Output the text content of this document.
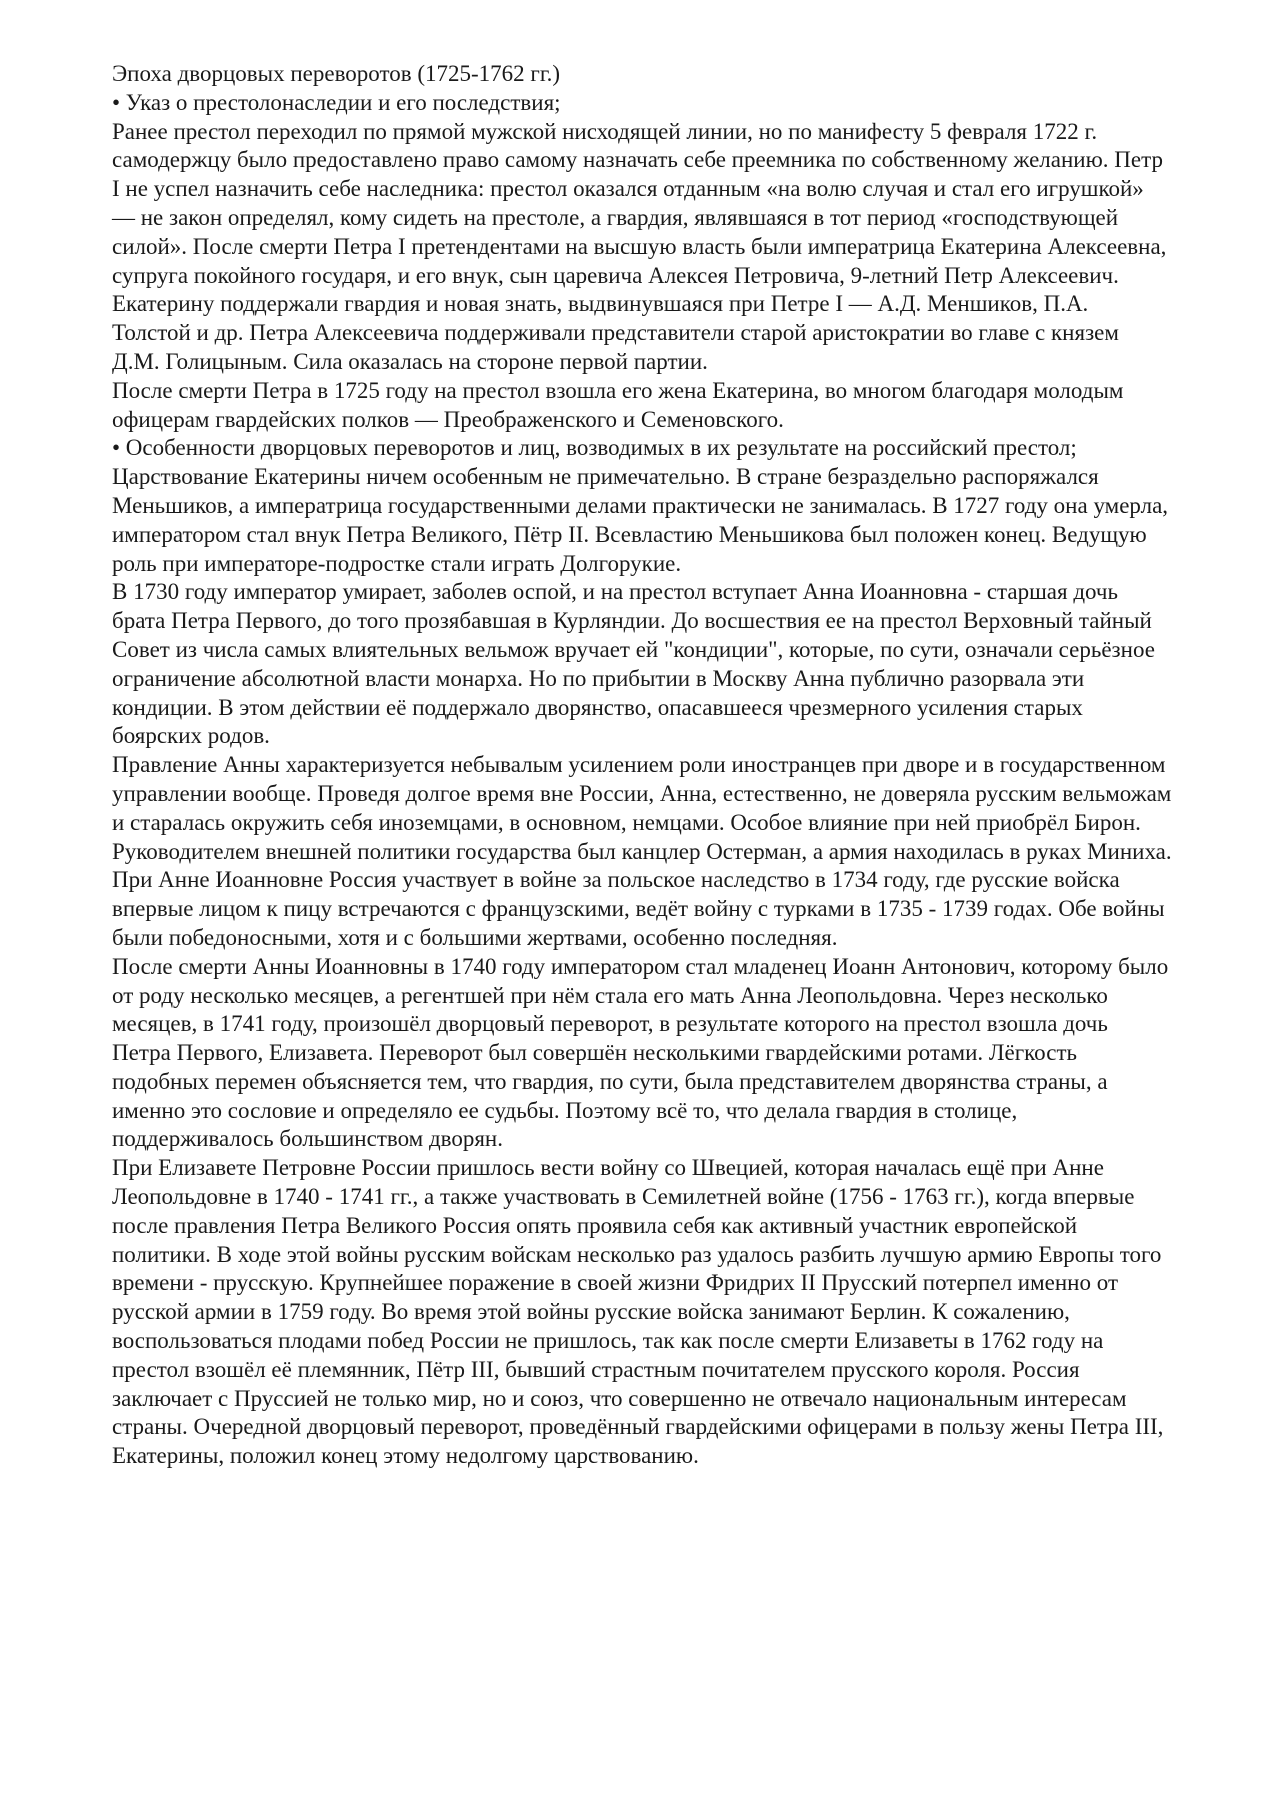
Эпоха дворцовых переворотов (1725-1762 гг.)

• Указ о престолонаследии и его последствия;

Ранее престол переходил по прямой мужской нисходящей линии, но по манифесту 5 февраля 1722 г. самодержцу было предоставлено право самому назначать себе преемника по собственному желанию. Петр I не успел назначить себе наследника: престол оказался отданным «на волю случая и стал его игрушкой» — не закон определял, кому сидеть на престоле, а гвардия, являвшаяся в тот период «господствующей силой». После смерти Петра I претендентами на высшую власть были императрица Екатерина Алексеевна, супруга покойного государя, и его внук, сын царевича Алексея Петровича, 9-летний Петр Алексеевич. Екатерину поддержали гвардия и новая знать, выдвинувшаяся при Петре I — А.Д. Меншиков, П.А. Толстой и др. Петра Алексеевича поддерживали представители старой аристократии во главе с князем Д.М. Голицыным. Сила оказалась на стороне первой партии.

После смерти Петра в 1725 году на престол взошла его жена Екатерина, во многом благодаря молодым офицерам гвардейских полков — Преображенского и Семеновского.

• Особенности дворцовых переворотов и лиц, возводимых в их результате на российский престол;

Царствование Екатерины ничем особенным не примечательно. В стране безраздельно распоряжался Меньшиков, а императрица государственными делами практически не занималась. В 1727 году она умерла, императором стал внук Петра Великого, Пётр II. Всевластию Меньшикова был положен конец. Ведущую роль при императоре-подростке стали играть Долгорукие.

В 1730 году император умирает, заболев оспой, и на престол вступает Анна Иоанновна - старшая дочь брата Петра Первого, до того прозябавшая в Курляндии. До восшествия ее на престол Верховный тайный Совет из числа самых влиятельных вельмож вручает ей "кондиции", которые, по сути, означали серьёзное ограничение абсолютной власти монарха. Но по прибытии в Москву Анна публично разорвала эти кондиции. В этом действии её поддержало дворянство, опасавшееся чрезмерного усиления старых боярских родов.

Правление Анны характеризуется небывалым усилением роли иностранцев при дворе и в государственном управлении вообще. Проведя долгое время вне России, Анна, естественно, не доверяла русским вельможам и старалась окружить себя иноземцами, в основном, немцами. Особое влияние при ней приобрёл Бирон. Руководителем внешней политики государства был канцлер Остерман, а армия находилась в руках Миниха. При Анне Иоанновне Россия участвует в войне за польское наследство в 1734 году, где русские войска впервые лицом к пицу встречаются с французскими, ведёт войну с турками в 1735 - 1739 годах. Обе войны были победоносными, хотя и с большими жертвами, особенно последняя.

После смерти Анны Иоанновны в 1740 году императором стал младенец Иоанн Антонович, которому было от роду несколько месяцев, а регентшей при нём стала его мать Анна Леопольдовна. Через несколько месяцев, в 1741 году, произошёл дворцовый переворот, в результате которого на престол взошла дочь Петра Первого, Елизавета. Переворот был совершён несколькими гвардейскими ротами. Лёгкость подобных перемен объясняется тем, что гвардия, по сути, была представителем дворянства страны, а именно это сословие и определяло ее судьбы. Поэтому всё то, что делала гвардия в столице, поддерживалось большинством дворян.

При Елизавете Петровне России пришлось вести войну со Швецией, которая началась ещё при Анне Леопольдовне в 1740 - 1741 гг., а также участвовать в Семилетней войне (1756 - 1763 гг.), когда впервые после правления Петра Великого Россия опять проявила себя как активный участник европейской политики. В ходе этой войны русским войскам несколько раз удалось разбить лучшую армию Европы того времени - прусскую. Крупнейшее поражение в своей жизни Фридрих II Прусский потерпел именно от русской армии в 1759 году. Во время этой войны русские войска занимают Берлин. К сожалению, воспользоваться плодами побед России не пришлось, так как после смерти Елизаветы в 1762 году на престол взошёл её племянник, Пётр III, бывший страстным почитателем прусского короля. Россия заключает с Пруссией не только мир, но и союз, что совершенно не отвечало национальным интересам страны. Очередной дворцовый переворот, проведённый гвардейскими офицерами в пользу жены Петра III, Екатерины, положил конец этому недолгому царствованию.
